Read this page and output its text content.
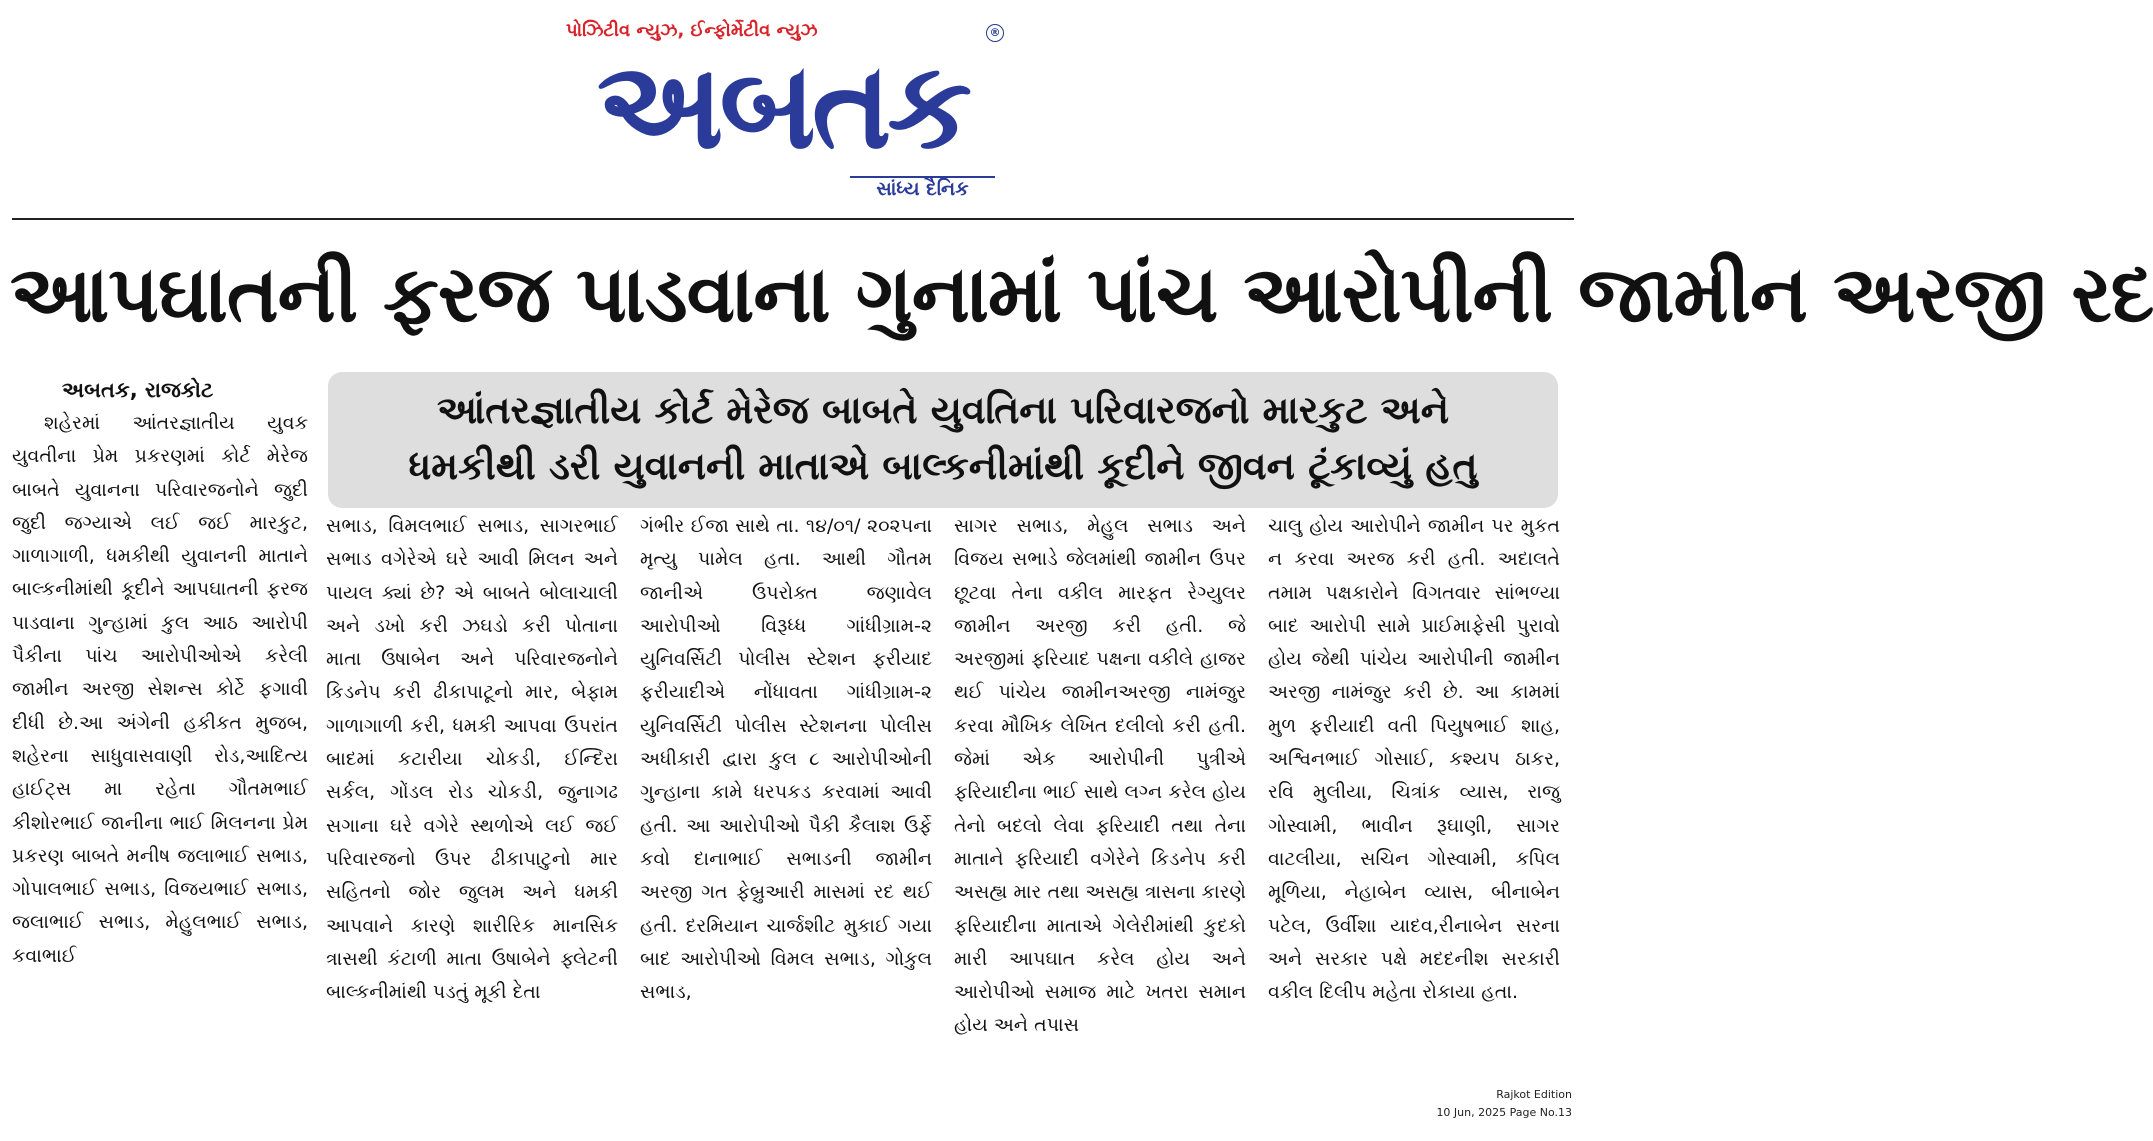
પોઝિટીવ ન્યુઝ, ઈન્ફોર્મેટીવ ન્યુઝ	®
અબતક
સાંધ્ય દૈનિક
આપઘાતની ફરજ પાડવાના ગુનામાં પાંચ આરોપીની જામીન અરજી રદ
આંતરજ્ઞાતીય કોર્ટ મેરેજ બાબતે યુવતિના પરિવારજનો મારકુટ અને
ધમકીથી ડરી યુવાનની માતાએ બાલ્કનીમાંથી કૂદીને જીવન ટૂંકાવ્યું હતુ
અબતક, રાજકોટ

શહેરમાં આંતરજ્ઞાતીય યુવક યુવતીના પ્રેમ પ્રકરણમાં કોર્ટ મેરેજ બાબતે યુવાનના પરિવારજનોને જુદી જુદી જગ્યાએ લઈ જઈ મારકુટ, ગાળાગાળી, ધમકીથી યુવાનની માતાને બાલ્કનીમાંથી કૂદીને આપઘાતની ફરજ પાડવાના ગુન્હામાં કુલ આઠ આરોપી પૈકીના પાંચ આરોપીઓએ કરેલી જામીન અરજી સેશન્સ કોર્ટે ફગાવી દીધી છે.આ અંગેની હકીકત મુજબ, શહેરના સાધુવાસવાણી રોડ,આદિત્ય હાઈટ્સ મા રહેતા ગૌતમભાઈ કીશોરભાઈ જાનીના ભાઈ મિલનના પ્રેમ પ્રકરણ બાબતે મનીષ જલાભાઈ સભાડ, ગોપાલભાઈ સભાડ, વિજયભાઈ સભાડ, જલાભાઈ સભાડ, મેહુલભાઈ સભાડ, કવાભાઈ

સભાડ, વિમલભાઈ સભાડ, સાગરભાઈ સભાડ વગેરેએ ઘરે આવી મિલન અને પાયલ ક્યાં છે? એ બાબતે બોલાચાલી અને ડખો કરી ઝઘડો કરી પોતાના માતા ઉષાબેન અને પરિવારજનોને કિડનેપ કરી ઢીકાપાટૂનો માર, બેફામ ગાળાગાળી કરી, ધમકી આપવા ઉપરાંત બાદમાં કટારીયા ચોકડી, ઈન્દિરા સર્કલ, ગોંડલ રોડ ચોકડી, જુનાગઢ સગાના ઘરે વગેરે સ્થળોએ લઈ જઈ પરિવારજનો ઉપર ઢીકાપાટુનો માર સહિતનો જોર જુલમ અને ધમકી આપવાને કારણે શારીરિક માનસિક ત્રાસથી કંટાળી માતા ઉષાબેને ફ્લેટની બાલ્કનીમાંથી પડતું મૂકી દેતા

ગંભીર ઈજા સાથે તા. ૧૪/૦૧/ ૨૦૨૫ના મૃત્યુ પામેલ હતા. આથી ગૌતમ જાનીએ ઉપરોક્ત જણાવેલ આરોપીઓ વિરૂધ્ધ ગાંધીગ્રામ-૨ યુનિવર્સિટી પોલીસ સ્ટેશન ફરીયાદ ફરીયાદીએ નોંધાવતા ગાંધીગ્રામ-૨ યુનિવર્સિટી પોલીસ સ્ટેશનના પોલીસ અધીકારી દ્વારા કુલ ૮ આરોપીઓની ગુન્હાના કામે ધરપકડ કરવામાં આવી હતી. આ આરોપીઓ પૈકી કૈલાશ ઉર્ફે કવો દાનાભાઈ સભાડની જામીન અરજી ગત ફેબ્રુઆરી માસમાં રદ થઈ હતી. દરમિયાન ચાર્જશીટ મુકાઈ ગયા બાદ આરોપીઓ વિમલ સભાડ, ગોકુલ સભાડ,

સાગર સભાડ, મેહુલ સભાડ અને વિજય સભાડે જેલમાંથી જામીન ઉપર છૂટવા તેના વકીલ મારફત રેગ્યુલર જામીન અરજી કરી હતી. જે અરજીમાં ફરિયાદ પક્ષના વકીલે હાજર થઈ પાંચેય જામીનઅરજી નામંજુર કરવા મૌખિક લેખિત દલીલો કરી હતી. જેમાં એક આરોપીની પુત્રીએ ફરિયાદીના ભાઈ સાથે લગ્ન કરેલ હોય તેનો બદલો લેવા ફરિયાદી તથા તેના માતાને ફરિયાદી વગેરેને કિડનેપ કરી અસહ્ય માર તથા અસહ્ય ત્રાસના કારણે ફરિયાદીના માતાએ ગેલેરીમાંથી કુદકો મારી આપઘાત કરેલ હોય અને આરોપીઓ સમાજ માટે ખતરા સમાન હોય અને તપાસ

ચાલુ હોય આરોપીને જામીન પર મુકત ન કરવા અરજ કરી હતી. અદાલતે તમામ પક્ષકારોને વિગતવાર સાંભળ્યા બાદ આરોપી સામે પ્રાઈમાફેસી પુરાવો હોય જેથી પાંચેય આરોપીની જામીન અરજી નામંજુર કરી છે. આ કામમાં મુળ ફરીયાદી વતી પિયુષભાઈ શાહ, અશ્વિનભાઈ ગોસાઈ, કશ્યપ ઠાકર, રવિ મુલીયા, ચિત્રાંક વ્યાસ, રાજુ ગોસ્વામી, ભાવીન રૂઘાણી, સાગર વાટલીયા, સચિન ગોસ્વામી, કપિલ મૂળિયા, નેહાબેન વ્યાસ, બીનાબેન પટેલ, ઉર્વીશા યાદવ,રીનાબેન સરના અને સરકાર પક્ષે મદદનીશ સરકારી વકીલ દિલીપ મહેતા રોકાયા હતા.

Rajkot Edition
10 Jun, 2025 Page No.13
